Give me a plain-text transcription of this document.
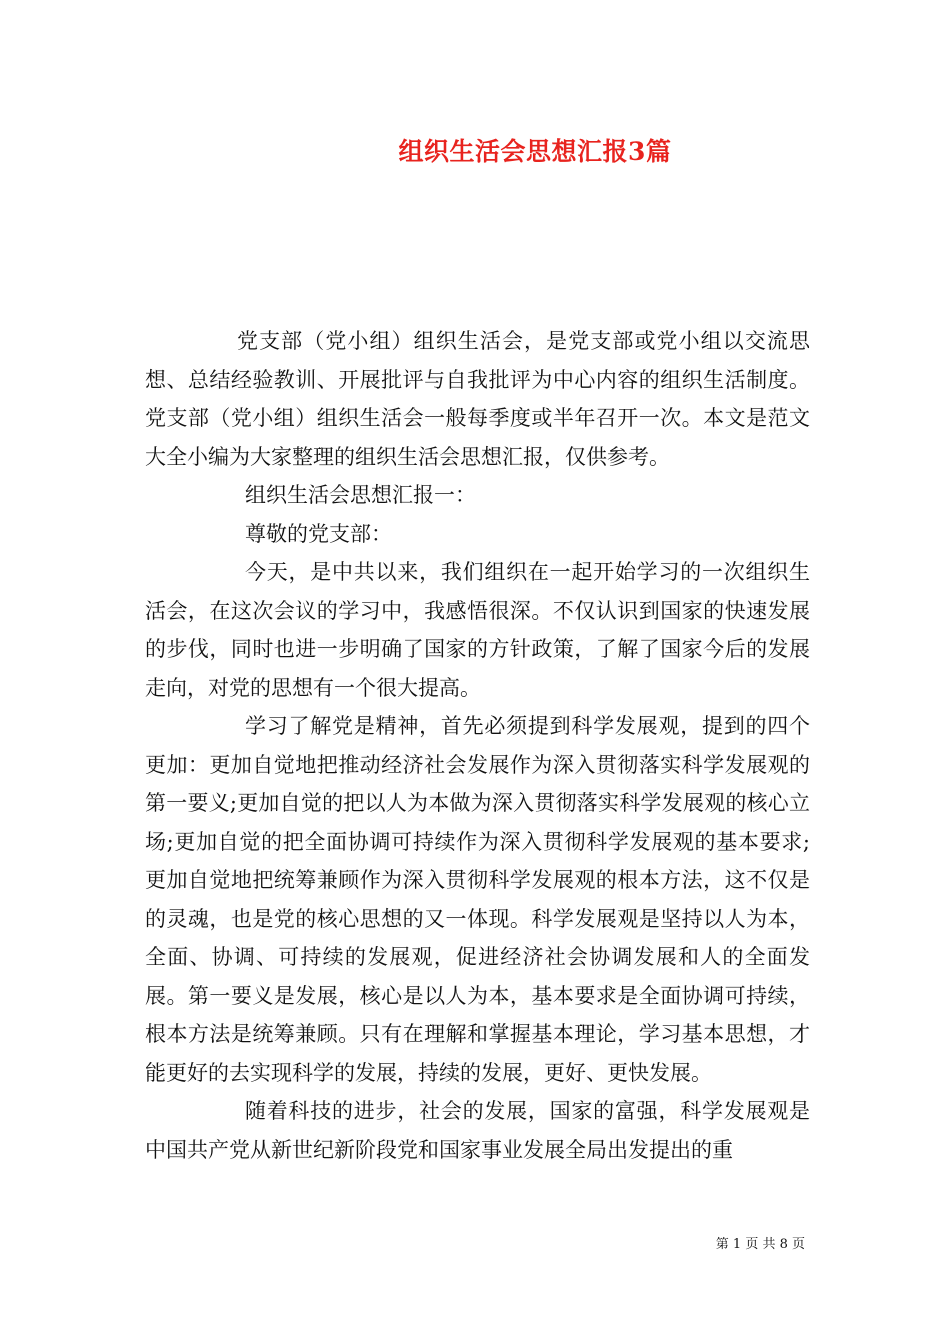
组织生活会思想汇报3篇

党支部（党小组）组织生活会，是党支部或党小组以交流思想、总结经验教训、开展批评与自我批评为中心内容的组织生活制度。党支部（党小组）组织生活会一般每季度或半年召开一次。本文是范文大全小编为大家整理的组织生活会思想汇报，仅供参考。

组织生活会思想汇报一：

尊敬的党支部：

今天，是中共以来，我们组织在一起开始学习的一次组织生活会，在这次会议的学习中，我感悟很深。不仅认识到国家的快速发展的步伐，同时也进一步明确了国家的方针政策，了解了国家今后的发展走向，对党的思想有一个很大提高。

学习了解党是精神，首先必须提到科学发展观，提到的四个更加：更加自觉地把推动经济社会发展作为深入贯彻落实科学发展观的第一要义;更加自觉的把以人为本做为深入贯彻落实科学发展观的核心立场;更加自觉的把全面协调可持续作为深入贯彻科学发展观的基本要求;更加自觉地把统筹兼顾作为深入贯彻科学发展观的根本方法，这不仅是的灵魂，也是党的核心思想的又一体现。科学发展观是坚持以人为本，全面、协调、可持续的发展观，促进经济社会协调发展和人的全面发展。第一要义是发展，核心是以人为本，基本要求是全面协调可持续，根本方法是统筹兼顾。只有在理解和掌握基本理论，学习基本思想，才能更好的去实现科学的发展，持续的发展，更好、更快发展。

随着科技的进步，社会的发展，国家的富强，科学发展观是中国共产党从新世纪新阶段党和国家事业发展全局出发提出的重

第 1 页 共 8 页
